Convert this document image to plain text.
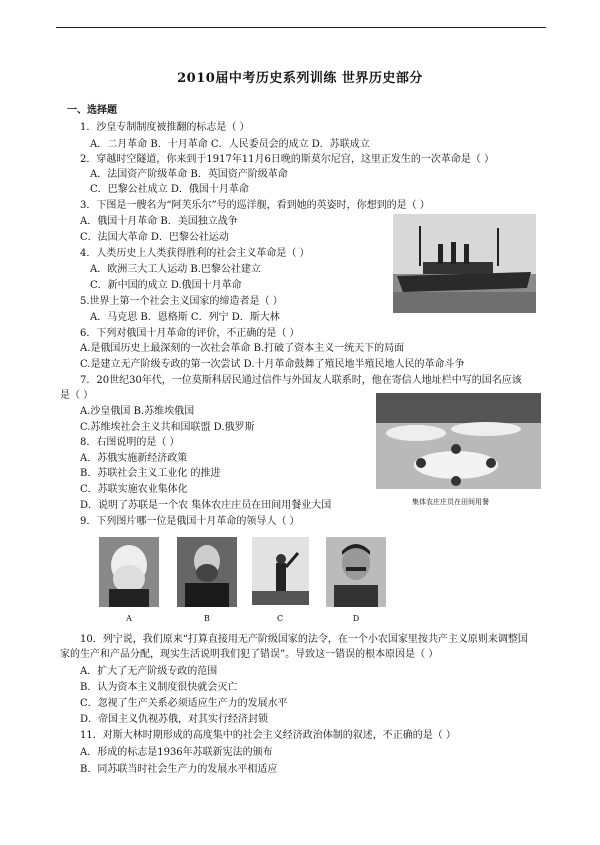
2010届中考历史系列训练 世界历史部分
一、选择题
1．沙皇专制制度被推翻的标志是（ ）
A．二月革命 B．十月革命 C．人民委员会的成立 D．苏联成立
2．穿越时空隧道，你来到于1917年11月6日晚的斯莫尔尼宫，这里正发生的一次革命是（ ）
A．法国资产阶级革命 B．英国资产阶级革命
C．巴黎公社成立 D．俄国十月革命
3．下图是一艘名为“阿芙乐尔”号的巡洋舰，看到她的英姿时，你想到的是（ ）
A．俄国十月革命 B．美国独立战争
C．法国大革命 D．巴黎公社运动
4．人类历史上人类获得胜利的社会主义革命是（ ）
A．欧洲三大工人运动 B.巴黎公社建立
C．新中国的成立 D.俄国十月革命
5.世界上第一个社会主义国家的缔造者是（ ）
A．马克思 B．恩格斯 C．列宁 D．斯大林
6．下列对俄国十月革命的评价，不正确的是（ ）
A.是俄国历史上最深刻的一次社会革命 B.打破了资本主义一统天下的局面
C.是建立无产阶级专政的第一次尝试 D.十月革命鼓舞了殖民地半殖民地人民的革命斗争
7．20世纪30年代，一位莫斯科居民通过信件与外国友人联系时，他在寄信人地址栏中写的国名应该
是（ ）
A.沙皇俄国 B.苏维埃俄国
C.苏维埃社会主义共和国联盟 D.俄罗斯
8．右图说明的是（ ）
A．苏俄实施新经济政策
B．苏联社会主义工业化 的推进
C．苏联实施农业集体化
D．说明了苏联是一个农 集体农庄庄员在田间用餐业大国
9．下列图片哪一位是俄国十月革命的领导人（ ）
10．列宁说，我们原来“打算直接用无产阶级国家的法令，在一个小农国家里按共产主义原则来调整国
家的生产和产品分配，现实生活说明我们犯了错误”。导致这一错误的根本原因是（ ）
A．扩大了无产阶级专政的范围
B．认为资本主义制度很快就会灭亡
C．忽视了生产关系必须适应生产力的发展水平
D．帝国主义仇视苏俄，对其实行经济封锁
11．对斯大林时期形成的高度集中的社会主义经济政治体制的叙述，不正确的是（ ）
A．形成的标志是1936年苏联新宪法的颁布
B．同苏联当时社会生产力的发展水平相适应
集体农庄庄员在田间用餐
A	B	C	D
